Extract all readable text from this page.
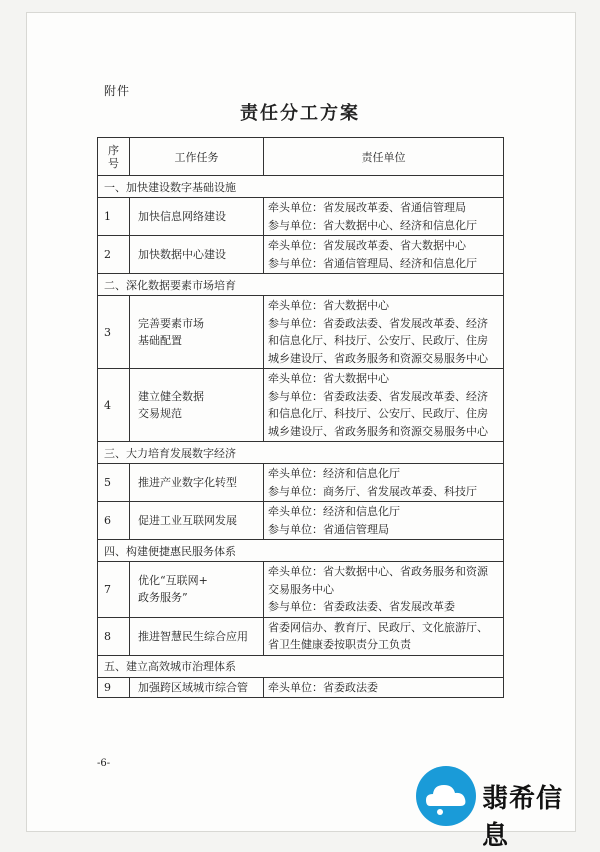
附件
责任分工方案
序
号	工作任务	责任单位
一、加快建设数字基础设施		
1	加快信息网络建设	牵头单位：省发展改革委、省通信管理局
参与单位：省大数据中心、经济和信息化厅

2	加快数据中心建设	牵头单位：省发展改革委、省大数据中心
参与单位：省通信管理局、经济和信息化厅

二、深化数据要素市场培育		
3	完善要素市场
基础配置	牵头单位：省大数据中心
参与单位：省委政法委、省发展改革委、经济
和信息化厅、科技厅、公安厅、民政厅、住房
城乡建设厅、省政务服务和资源交易服务中心

4	建立健全数据
交易规范	牵头单位：省大数据中心
参与单位：省委政法委、省发展改革委、经济
和信息化厅、科技厅、公安厅、民政厅、住房
城乡建设厅、省政务服务和资源交易服务中心

三、大力培育发展数字经济		
5	推进产业数字化转型	牵头单位：经济和信息化厅
参与单位：商务厅、省发展改革委、科技厅

6	促进工业互联网发展	牵头单位：经济和信息化厅
参与单位：省通信管理局

四、构建便捷惠民服务体系		
7	优化“互联网+
政务服务”	牵头单位：省大数据中心、省政务服务和资源
交易服务中心
参与单位：省委政法委、省发展改革委

8	推进智慧民生综合应用	省委网信办、教育厅、民政厅、文化旅游厅、
省卫生健康委按职责分工负责

五、建立高效城市治理体系		
9	加强跨区域城市综合管	牵头单位：省委政法委
-6-
翡希信息
